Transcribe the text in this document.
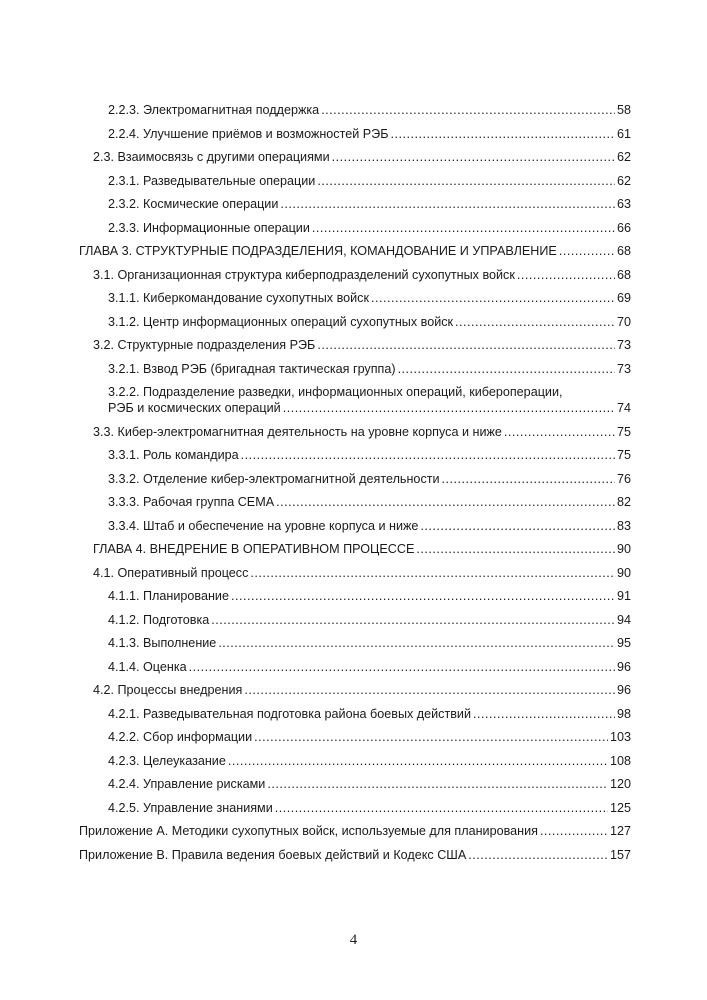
2.2.3. Электромагнитная поддержка .....	58
2.2.4. Улучшение приёмов и возможностей РЭБ .....	61
2.3. Взаимосвязь с другими операциями .....	62
2.3.1. Разведывательные операции .....	62
2.3.2. Космические операции .....	63
2.3.3. Информационные операции .....	66
ГЛАВА 3. СТРУКТУРНЫЕ ПОДРАЗДЕЛЕНИЯ, КОМАНДОВАНИЕ И УПРАВЛЕНИЕ .....	68
3.1. Организационная структура киберподразделений сухопутных войск .....	68
3.1.1. Киберкомандование сухопутных войск .....	69
3.1.2. Центр информационных операций сухопутных войск .....	70
3.2. Структурные подразделения РЭБ .....	73
3.2.1. Взвод РЭБ (бригадная тактическая группа) .....	73
3.2.2. Подразделение разведки, информационных операций, кибероперации,
РЭБ и космических операций .....	74
3.3. Кибер-электромагнитная деятельность на уровне корпуса и ниже .....	75
3.3.1. Роль командира .....	75
3.3.2. Отделение кибер-электромагнитной деятельности .....	76
3.3.3. Рабочая группа CEMA .....	82
3.3.4. Штаб и обеспечение на уровне корпуса и ниже .....	83
ГЛАВА 4. ВНЕДРЕНИЕ В ОПЕРАТИВНОМ ПРОЦЕССЕ .....	90
4.1. Оперативный процесс .....	90
4.1.1. Планирование .....	91
4.1.2. Подготовка .....	94
4.1.3. Выполнение .....	95
4.1.4. Оценка .....	96
4.2. Процессы внедрения .....	96
4.2.1. Разведывательная подготовка района боевых действий .....	98
4.2.2. Сбор информации .....	103
4.2.3. Целеуказание .....	108
4.2.4. Управление рисками .....	120
4.2.5. Управление знаниями .....	125
Приложение А. Методики сухопутных войск, используемые для планирования .....	127
Приложение В. Правила ведения боевых действий и Кодекс США .....	157
4
